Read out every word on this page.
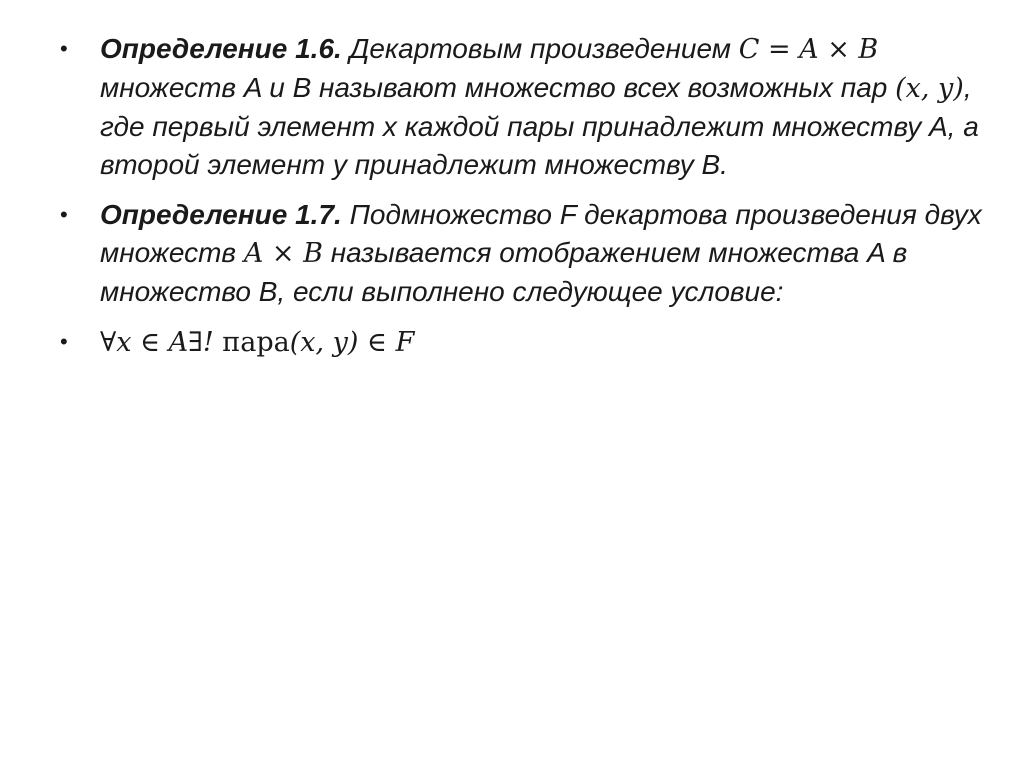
• Определение 1.6. Декартовым произведением C = A × B множеств A и B называют множество всех возможных пар (x, y), где первый элемент x каждой пары принадлежит множеству A, а второй элемент y принадлежит множеству B.
• Определение 1.7. Подмножество F декартова произведения двух множеств A × B называется отображением множества A в множество B, если выполнено следующее условие:
• ∀x ∈ A∃! пара(x, y) ∈ F
